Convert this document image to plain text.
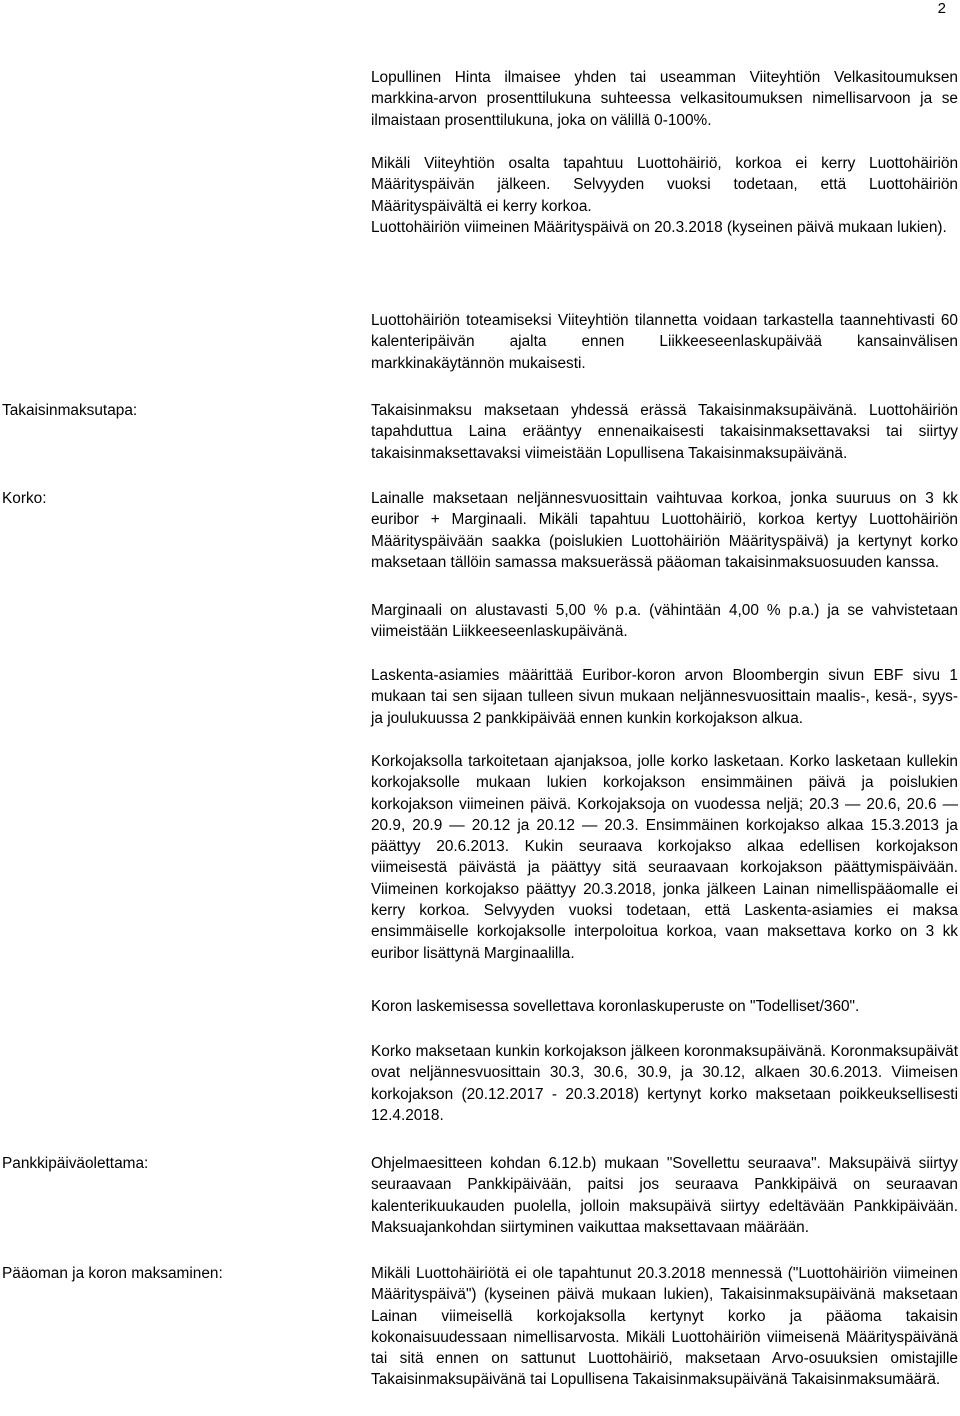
2

Lopullinen Hinta ilmaisee yhden tai useamman Viiteyhtiön Velkasitoumuksen markkina-arvon prosenttilukuna suhteessa velkasitoumuksen nimellisarvoon ja se ilmaistaan prosenttilukuna, joka on välillä 0-100%.

Mikäli Viiteyhtiön osalta tapahtuu Luottohäiriö, korkoa ei kerry Luottohäiriön Määrityspäivän jälkeen. Selvyyden vuoksi todetaan, että Luottohäiriön Määrityspäivältä ei kerry korkoa.

Luottohäiriön viimeinen Määrityspäivä on 20.3.2018 (kyseinen päivä mukaan lukien).

Luottohäiriön toteamiseksi Viiteyhtiön tilannetta voidaan tarkastella taannehtivasti 60 kalenteripäivän ajalta ennen Liikkeeseenlaskupäivää kansainvälisen markkinakäytännön mukaisesti.

Takaisinmaksutapa:	Takaisinmaksu maksetaan yhdessä erässä Takaisinmaksupäivänä. Luottohäiriön tapahduttua Laina erääntyy ennenaikaisesti takaisinmaksettavaksi tai siirtyy takaisinmaksettavaksi viimeistään Lopullisena Takaisinmaksupäivänä.

Korko:	Lainalle maksetaan neljännesvuosittain vaihtuvaa korkoa, jonka suuruus on 3 kk euribor + Marginaali. Mikäli tapahtuu Luottohäiriö, korkoa kertyy Luottohäiriön Määrityspäivään saakka (poislukien Luottohäiriön Määrityspäivä) ja kertynyt korko maksetaan tällöin samassa maksuerässä pääoman takaisinmaksuosuuden kanssa.

Marginaali on alustavasti 5,00 % p.a. (vähintään 4,00 % p.a.) ja se vahvistetaan viimeistään Liikkeeseenlaskupäivänä.

Laskenta-asiamies määrittää Euribor-koron arvon Bloombergin sivun EBF sivu 1 mukaan tai sen sijaan tulleen sivun mukaan neljännesvuosittain maalis-, kesä-, syys- ja joulukuussa 2 pankkipäivää ennen kunkin korkojakson alkua.

Korkojaksolla tarkoitetaan ajanjaksoa, jolle korko lasketaan. Korko lasketaan kullekin korkojaksolle mukaan lukien korkojakson ensimmäinen päivä ja poislukien korkojakson viimeinen päivä. Korkojaksoja on vuodessa neljä; 20.3 — 20.6, 20.6 — 20.9, 20.9 — 20.12 ja 20.12 — 20.3. Ensimmäinen korkojakso alkaa 15.3.2013 ja päättyy 20.6.2013. Kukin seuraava korkojakso alkaa edellisen korkojakson viimeisestä päivästä ja päättyy sitä seuraavaan korkojakson päättymispäivään. Viimeinen korkojakso päättyy 20.3.2018, jonka jälkeen Lainan nimellispääomalle ei kerry korkoa. Selvyyden vuoksi todetaan, että Laskenta-asiamies ei maksa ensimmäiselle korkojaksolle interpoloitua korkoa, vaan maksettava korko on 3 kk euribor lisättynä Marginaalilla.

Koron laskemisessa sovellettava koronlaskuperuste on "Todelliset/360".

Korko maksetaan kunkin korkojakson jälkeen koronmaksupäivänä. Koronmaksupäivät ovat neljännesvuosittain 30.3, 30.6, 30.9, ja 30.12, alkaen 30.6.2013. Viimeisen korkojakson (20.12.2017 - 20.3.2018) kertynyt korko maksetaan poikkeuksellisesti 12.4.2018.

Pankkipäiväolettama:	Ohjelmaesitteen kohdan 6.12.b) mukaan "Sovellettu seuraava". Maksupäivä siirtyy seuraavaan Pankkipäivään, paitsi jos seuraava Pankkipäivä on seuraavan kalenterikuukauden puolella, jolloin maksupäivä siirtyy edeltävään Pankkipäivään. Maksuajankohdan siirtyminen vaikuttaa maksettavaan määrään.

Pääoman ja koron maksaminen:	Mikäli Luottohäiriötä ei ole tapahtunut 20.3.2018 mennessä ("Luottohäiriön viimeinen Määrityspäivä") (kyseinen päivä mukaan lukien), Takaisinmaksupäivänä maksetaan Lainan viimeisellä korkojaksolla kertynyt korko ja pääoma takaisin kokonaisuudessaan nimellisarvosta. Mikäli Luottohäiriön viimeisenä Määrityspäivänä tai sitä ennen on sattunut Luottohäiriö, maksetaan Arvo-osuuksien omistajille Takaisinmaksupäivänä tai Lopullisena Takaisinmaksupäivänä Takaisinmaksumäärä.
